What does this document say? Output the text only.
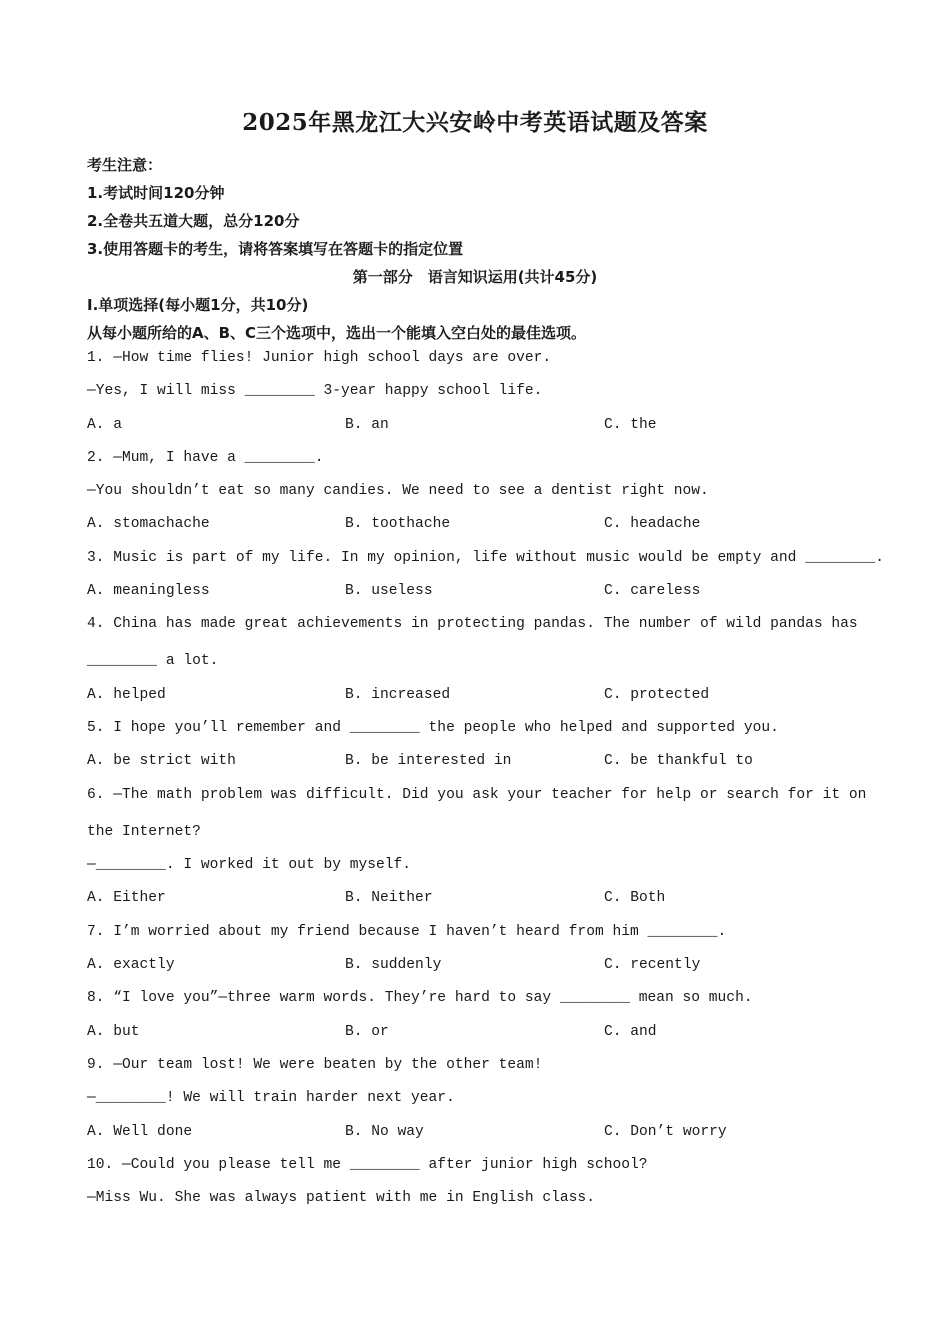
2025年黑龙江大兴安岭中考英语试题及答案
考生注意：
1.考试时间120分钟
2.全卷共五道大题，总分120分
3.使用答题卡的考生，请将答案填写在答题卡的指定位置
第一部分　语言知识运用(共计45分)
I.单项选择(每小题1分，共10分)
从每小题所给的A、B、C三个选项中，选出一个能填入空白处的最佳选项。
1. —How time flies! Junior high school days are over.
—Yes, I will miss ________ 3-year happy school life.
A. a	B. an	C. the
2. —Mum, I have a ________.
—You shouldn’t eat so many candies. We need to see a dentist right now.
A. stomachache	B. toothache	C. headache
3. Music is part of my life. In my opinion, life without music would be empty and ________.
A. meaningless	B. useless	C. careless
4. China has made great achievements in protecting pandas. The number of wild pandas has
________ a lot.
A. helped	B. increased	C. protected
5. I hope you’ll remember and ________ the people who helped and supported you.
A. be strict with	B. be interested in	C. be thankful to
6. —The math problem was difficult. Did you ask your teacher for help or search for it on
the Internet?
—________. I worked it out by myself.
A. Either	B. Neither	C. Both
7. I’m worried about my friend because I haven’t heard from him ________.
A. exactly	B. suddenly	C. recently
8. “I love you”—three warm words. They’re hard to say ________ mean so much.
A. but	B. or	C. and
9. —Our team lost! We were beaten by the other team!
—________! We will train harder next year.
A. Well done	B. No way	C. Don’t worry
10. —Could you please tell me ________ after junior high school?
—Miss Wu. She was always patient with me in English class.
